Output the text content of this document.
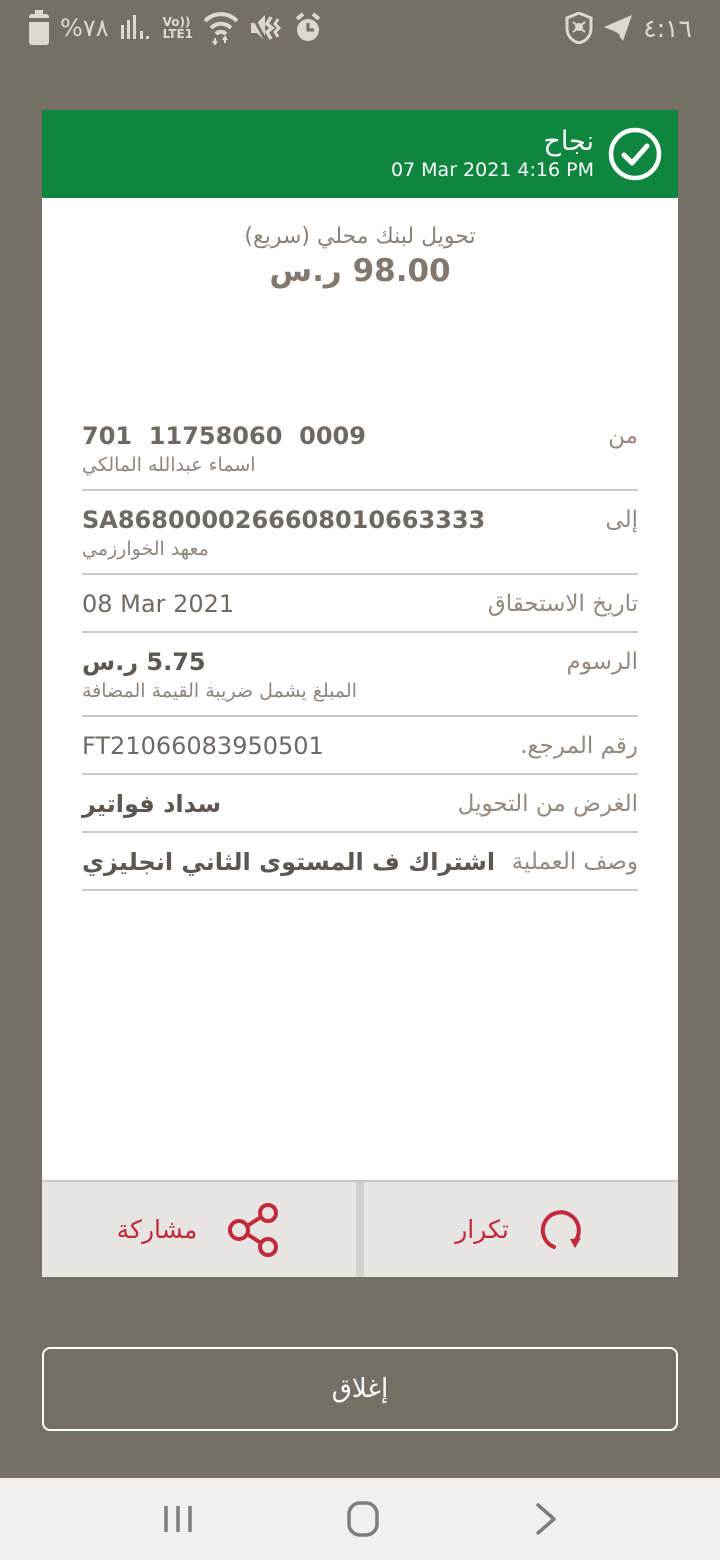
%٧٨	Vo))
LTE1	٤:١٦
نجاح
07 Mar 2021 4:16 PM
تحويل لبنك محلي (سريع)
98.00 ر.س
من
701  11758060  0009
اسماء عبدالله المالكي
إلى
SA8680000266608010663333
معهد الخوارزمي
تاريخ الاستحقاق
08 Mar 2021
الرسوم
5.75 ر.س
المبلغ يشمل ضريبة القيمة المضافة
رقم المرجع.
FT21066083950501
الغرض من التحويل
سداد فواتير
وصف العملية
اشتراك ف المستوى الثاني انجليزي
تكرار
مشاركة
إغلاق
